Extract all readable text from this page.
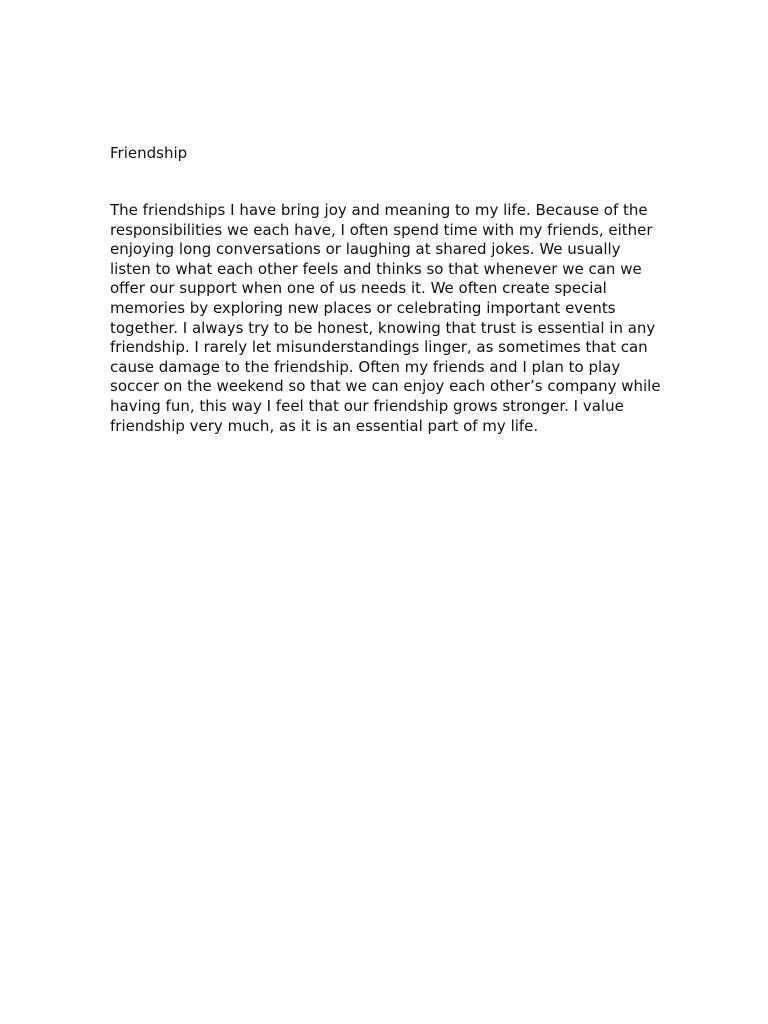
Friendship

The friendships I have bring joy and meaning to my life. Because of the responsibilities we each have, I often spend time with my friends, either enjoying long conversations or laughing at shared jokes. We usually listen to what each other feels and thinks so that whenever we can we offer our support when one of us needs it. We often create special memories by exploring new places or celebrating important events together. I always try to be honest, knowing that trust is essential in any friendship. I rarely let misunderstandings linger, as sometimes that can cause damage to the friendship. Often my friends and I plan to play soccer on the weekend so that we can enjoy each other’s company while having fun, this way I feel that our friendship grows stronger. I value friendship very much, as it is an essential part of my life.
